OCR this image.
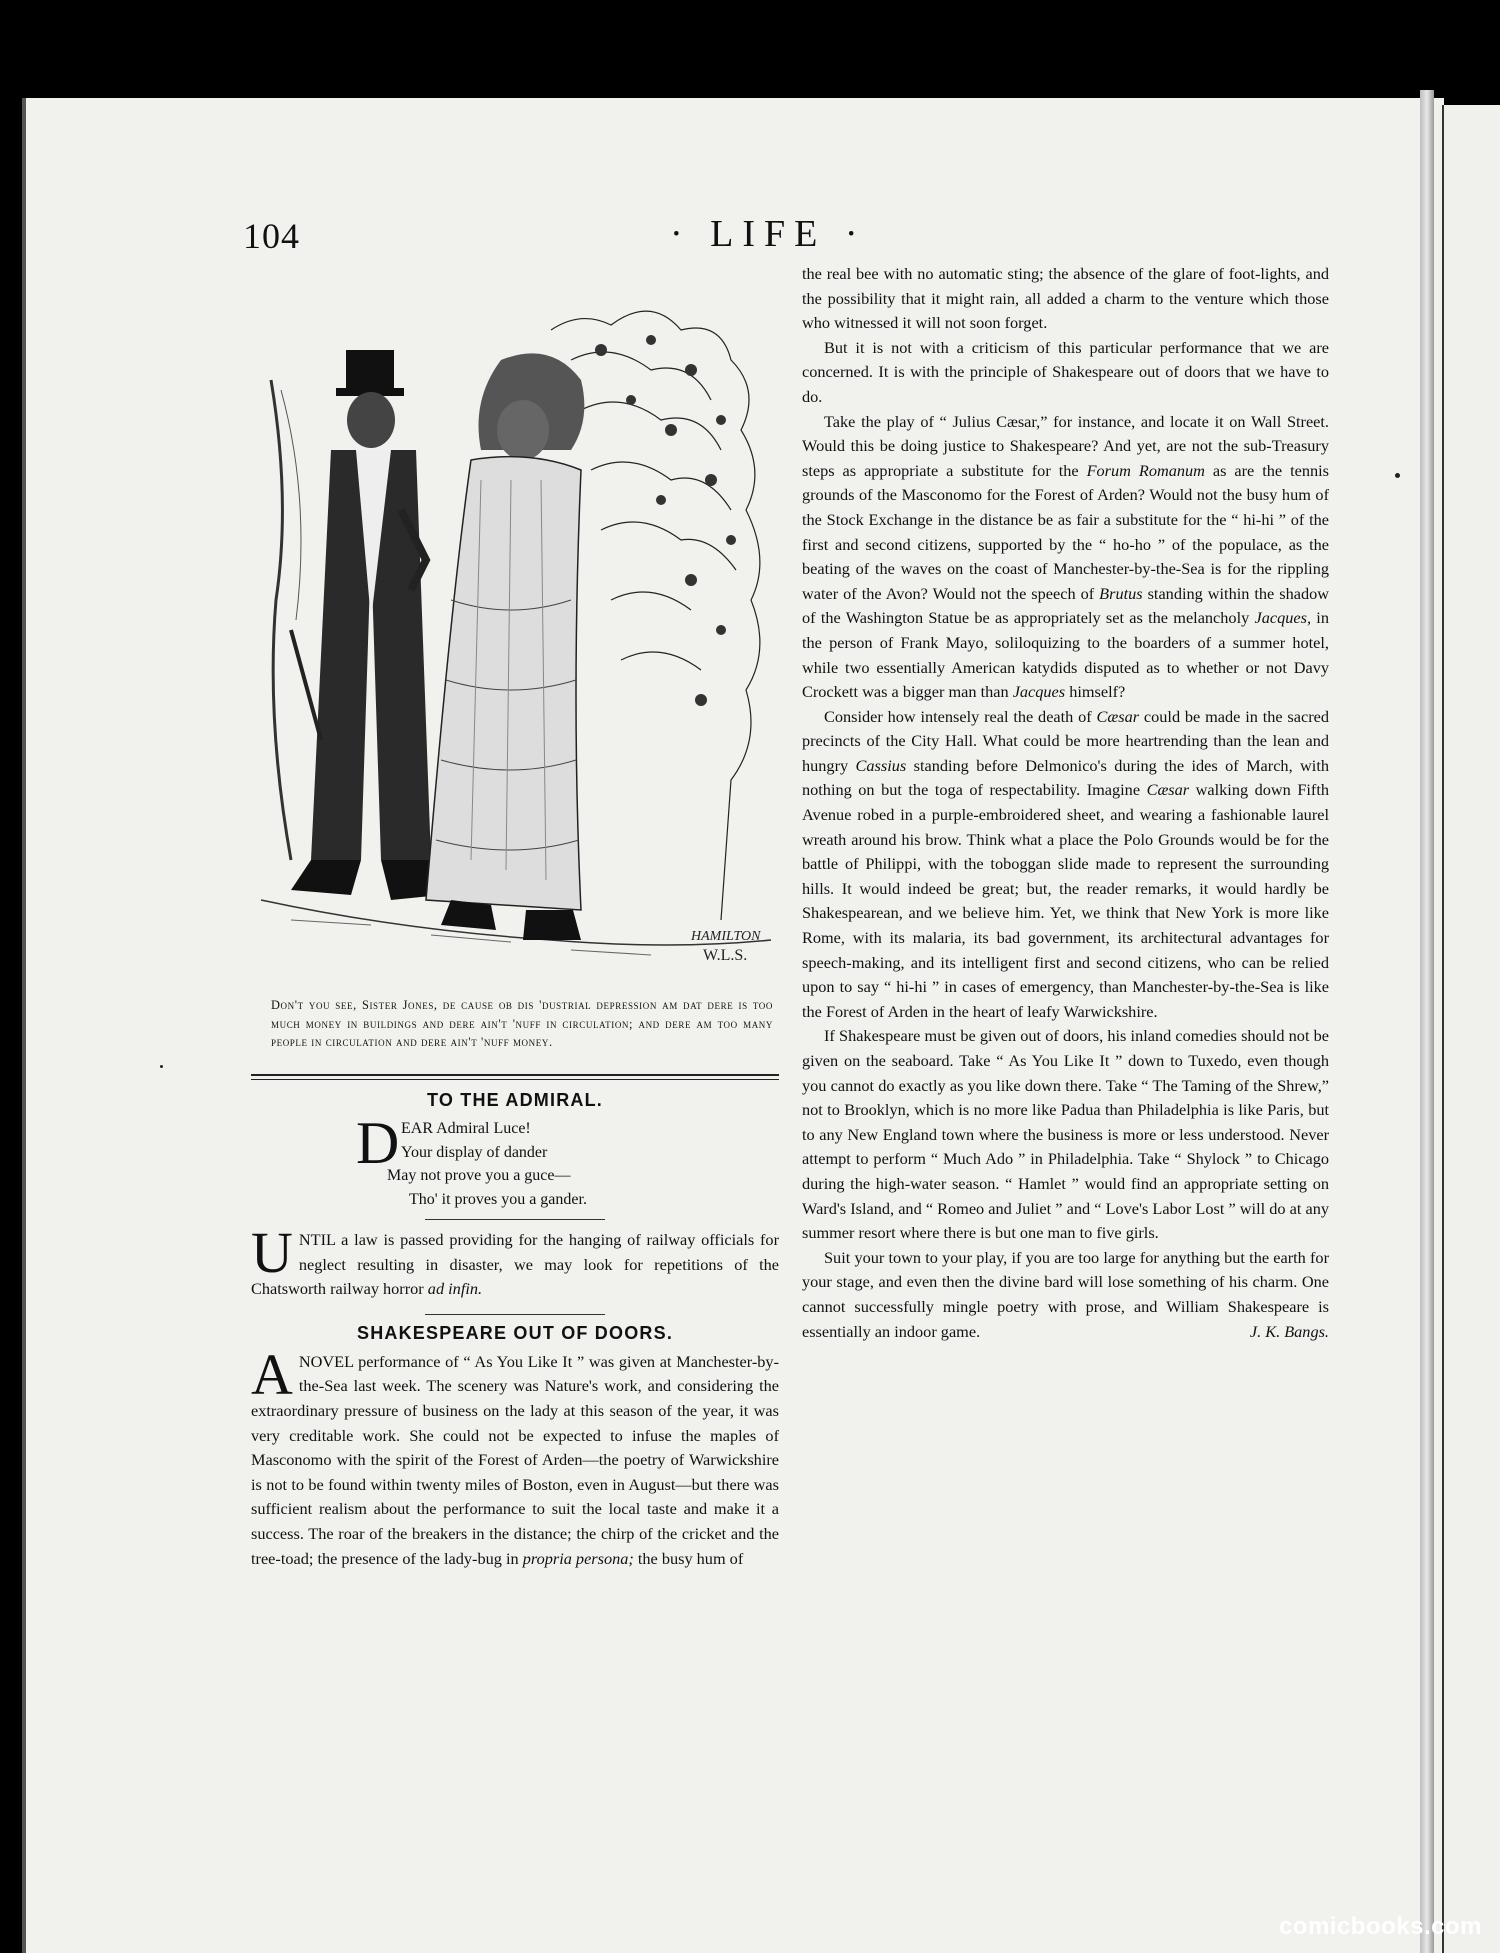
104	· LIFE ·
HAMILTON
W.L.S.
Don't you see, Sister Jones, de cause ob dis 'dustrial depression am dat dere is too much money in buildings and dere ain't 'nuff in circulation; and dere am too many people in circulation and dere ain't 'nuff money.
TO THE ADMIRAL.
D EAR Admiral Luce!
Your display of dander
May not prove you a guce—
Tho' it proves you a gander.

UNTIL a law is passed providing for the hanging of railway officials for neglect resulting in disaster, we may look for repetitions of the Chatsworth railway horror ad infin.

SHAKESPEARE OUT OF DOORS.

ANOVEL performance of “ As You Like It ” was given at Manchester-by-the-Sea last week. The scenery was Nature's work, and considering the extraordinary pressure of business on the lady at this season of the year, it was very creditable work. She could not be expected to infuse the maples of Masconomo with the spirit of the Forest of Arden—the poetry of Warwickshire is not to be found within twenty miles of Boston, even in August—but there was sufficient realism about the performance to suit the local taste and make it a success. The roar of the breakers in the distance; the chirp of the cricket and the tree-toad; the presence of the lady-bug in propria persona; the busy hum of

the real bee with no automatic sting; the absence of the glare of foot-lights, and the possibility that it might rain, all added a charm to the venture which those who witnessed it will not soon forget.

But it is not with a criticism of this particular performance that we are concerned. It is with the principle of Shakespeare out of doors that we have to do.

Take the play of “ Julius Cæsar,” for instance, and locate it on Wall Street. Would this be doing justice to Shakespeare? And yet, are not the sub-Treasury steps as appropriate a substitute for the Forum Romanum as are the tennis grounds of the Masconomo for the Forest of Arden? Would not the busy hum of the Stock Exchange in the distance be as fair a substitute for the “ hi-hi ” of the first and second citizens, supported by the “ ho-ho ” of the populace, as the beating of the waves on the coast of Manchester-by-the-Sea is for the rippling water of the Avon? Would not the speech of Brutus standing within the shadow of the Washington Statue be as appropriately set as the melancholy Jacques, in the person of Frank Mayo, soliloquizing to the boarders of a summer hotel, while two essentially American katydids disputed as to whether or not Davy Crockett was a bigger man than Jacques himself?

Consider how intensely real the death of Cæsar could be made in the sacred precincts of the City Hall. What could be more heartrending than the lean and hungry Cassius standing before Delmonico's during the ides of March, with nothing on but the toga of respectability. Imagine Cæsar walking down Fifth Avenue robed in a purple-embroidered sheet, and wearing a fashionable laurel wreath around his brow. Think what a place the Polo Grounds would be for the battle of Philippi, with the toboggan slide made to represent the surrounding hills. It would indeed be great; but, the reader remarks, it would hardly be Shakespearean, and we believe him. Yet, we think that New York is more like Rome, with its malaria, its bad government, its architectural advantages for speech-making, and its intelligent first and second citizens, who can be relied upon to say “ hi-hi ” in cases of emergency, than Manchester-by-the-Sea is like the Forest of Arden in the heart of leafy Warwickshire.

If Shakespeare must be given out of doors, his inland comedies should not be given on the seaboard. Take “ As You Like It ” down to Tuxedo, even though you cannot do exactly as you like down there. Take “ The Taming of the Shrew,” not to Brooklyn, which is no more like Padua than Philadelphia is like Paris, but to any New England town where the business is more or less understood. Never attempt to perform “ Much Ado ” in Philadelphia. Take “ Shylock ” to Chicago during the high-water season. “ Hamlet ” would find an appropriate setting on Ward's Island, and “ Romeo and Juliet ” and “ Love's Labor Lost ” will do at any summer resort where there is but one man to five girls.

Suit your town to your play, if you are too large for anything but the earth for your stage, and even then the divine bard will lose something of his charm. One cannot successfully mingle poetry with prose, and William Shakespeare is essentially an indoor game.	J. K. Bangs.

comicbooks.com
